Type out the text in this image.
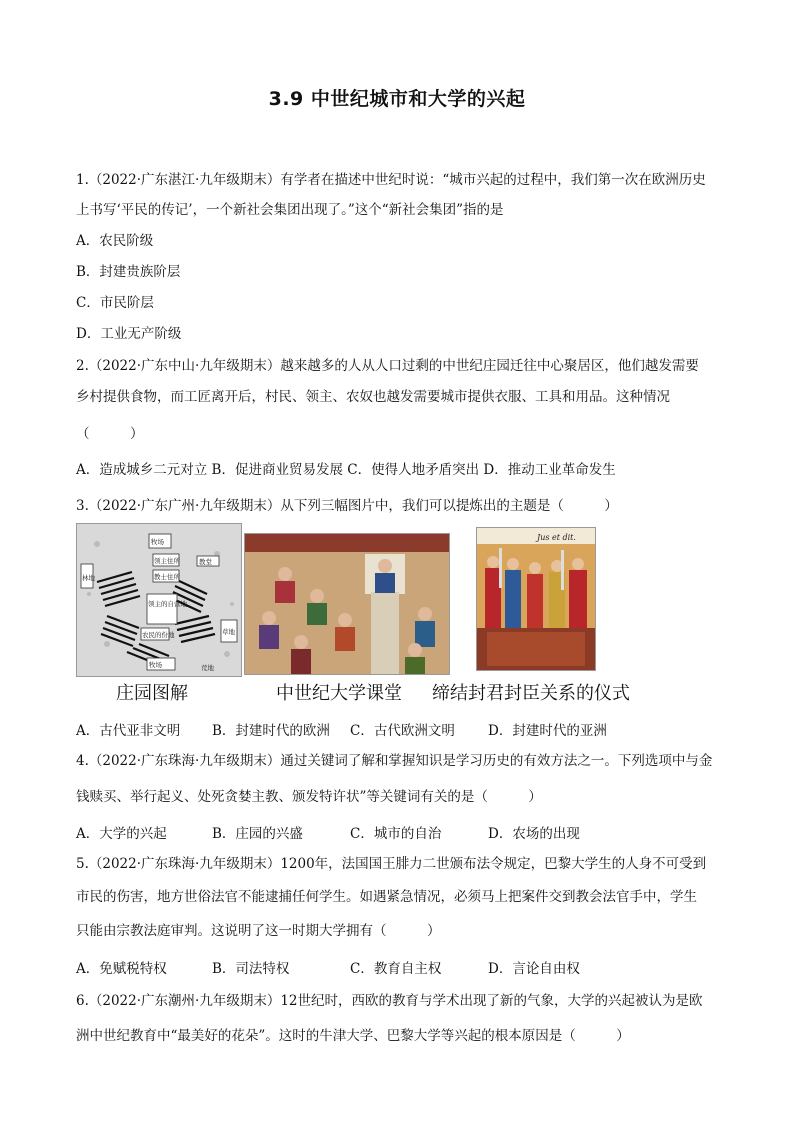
3.9 中世纪城市和大学的兴起
1.（2022·广东湛江·九年级期末）有学者在描述中世纪时说：“城市兴起的过程中，我们第一次在欧洲历史
上书写‘平民的传记’，一个新社会集团出现了。”这个“新社会集团”指的是
A．农民阶级
B．封建贵族阶层
C．市民阶层
D．工业无产阶级
2.（2022·广东中山·九年级期末）越来越多的人从人口过剩的中世纪庄园迁往中心聚居区，他们越发需要
乡村提供食物，而工匠离开后，村民、领主、农奴也越发需要城市提供衣服、工具和用品。这种情况
（　　　）
A．造成城乡二元对立 B．促进商业贸易发展 C．使得人地矛盾突出 D．推动工业革命发生
3.（2022·广东广州·九年级期末）从下列三幅图片中，我们可以提炼出的主题是（　　　）
牧场
领主住所
教士住所
教堂
领主的自营地
农民的份地
林地
草地
荒地
牧场
Jus et dit.
庄园图解	中世纪大学课堂 缔结封君封臣关系的仪式
A．古代亚非文明 B．封建时代的欧洲 C．古代欧洲文明 D．封建时代的亚洲
4.（2022·广东珠海·九年级期末）通过关键词了解和掌握知识是学习历史的有效方法之一。下列选项中与金
钱赎买、举行起义、处死贪婪主教、颁发特许状”等关键词有关的是（　　　）
A．大学的兴起	B．庄园的兴盛	C．城市的自治	D．农场的出现
5.（2022·广东珠海·九年级期末）1200年，法国国王腓力二世颁布法令规定，巴黎大学生的人身不可受到
市民的伤害，地方世俗法官不能逮捕任何学生。如遇紧急情况，必须马上把案件交到教会法官手中，学生
只能由宗教法庭审判。这说明了这一时期大学拥有（　　　）
A．免赋税特权	B．司法特权	C．教育自主权	D．言论自由权
6.（2022·广东潮州·九年级期末）12世纪时，西欧的教育与学术出现了新的气象，大学的兴起被认为是欧
洲中世纪教育中“最美好的花朵”。这时的牛津大学、巴黎大学等兴起的根本原因是（　　　）
